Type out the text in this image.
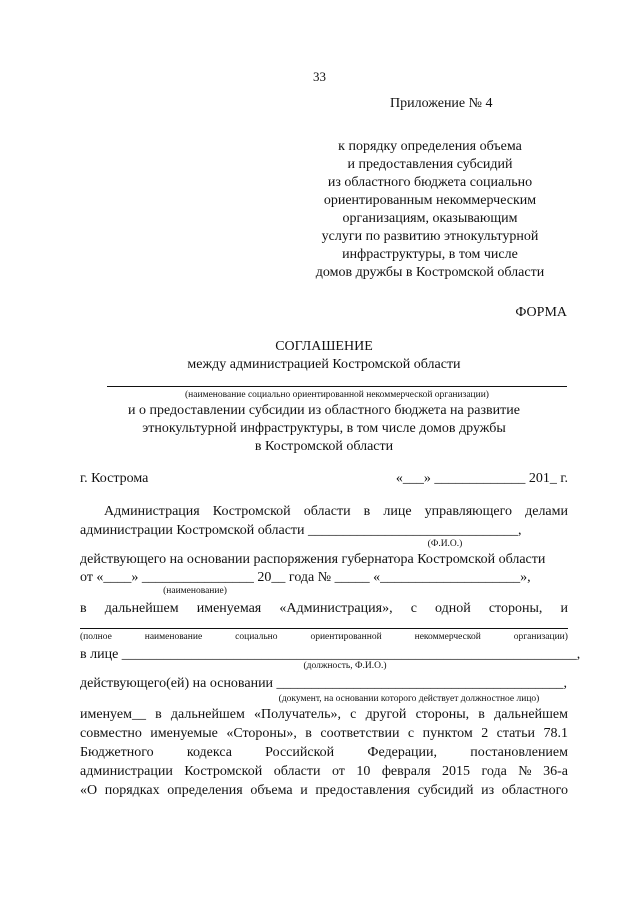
33
Приложение № 4
к порядку определения объема
и предоставления субсидий
из областного бюджета социально
ориентированным некоммерческим
организациям, оказывающим
услуги по развитию этнокультурной
инфраструктуры, в том числе
домов дружбы в Костромской области
ФОРМА
СОГЛАШЕНИЕ
между администрацией Костромской области
(наименование социально ориентированной некоммерческой организации)
и о предоставлении субсидии из областного бюджета на развитие
этнокультурной инфраструктуры, в том числе домов дружбы
в Костромской области
г. Кострома	«___» _____________ 201_ г.
Администрация Костромской области в лице управляющего делами
администрации Костромской области ______________________________,
(Ф.И.О.)
действующего на основании распоряжения губернатора Костромской области
от «____» ________________ 20__ года № _____ «____________________»,
(наименование)
в дальнейшем именуемая «Администрация», с одной стороны, и
(полное	наименование	социально	ориентированной	некоммерческой	организации)
в лице _________________________________________________________________,
(должность, Ф.И.О.)
действующего(ей) на основании _________________________________________,
(документ, на основании которого действует должностное лицо)
именуем__ в дальнейшем «Получатель», с другой стороны, в дальнейшем
совместно именуемые «Стороны», в соответствии с пунктом 2 статьи 78.1
Бюджетного кодекса Российской Федерации, постановлением
администрации Костромской области от 10 февраля 2015 года № 36-а
«О порядках определения объема и предоставления субсидий из областного
